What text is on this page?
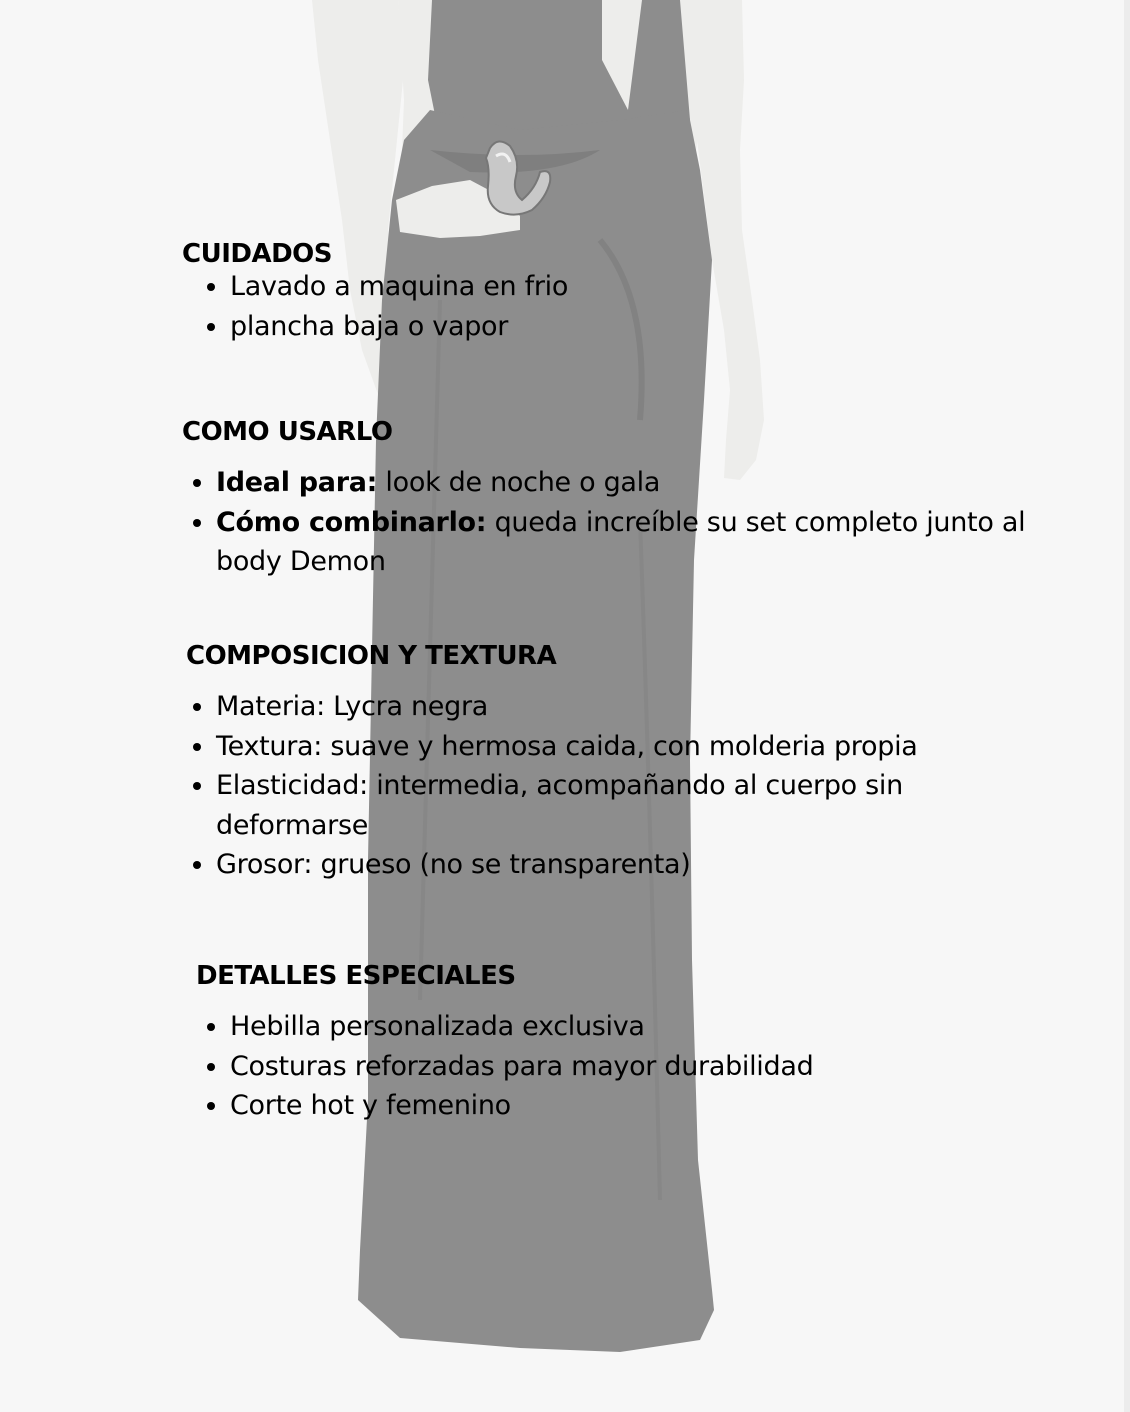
CUIDADOS
Lavado a maquina en frio
plancha baja o vapor
COMO USARLO
Ideal para: look de noche o gala
Cómo combinarlo: queda increíble su set completo junto al body Demon
COMPOSICION Y TEXTURA
Materia: Lycra negra
Textura: suave y hermosa caida, con molderia propia
Elasticidad: intermedia, acompañando al cuerpo sin deformarse
Grosor: grueso (no se transparenta)
DETALLES ESPECIALES
Hebilla personalizada exclusiva
Costuras reforzadas para mayor durabilidad
Corte hot y femenino
